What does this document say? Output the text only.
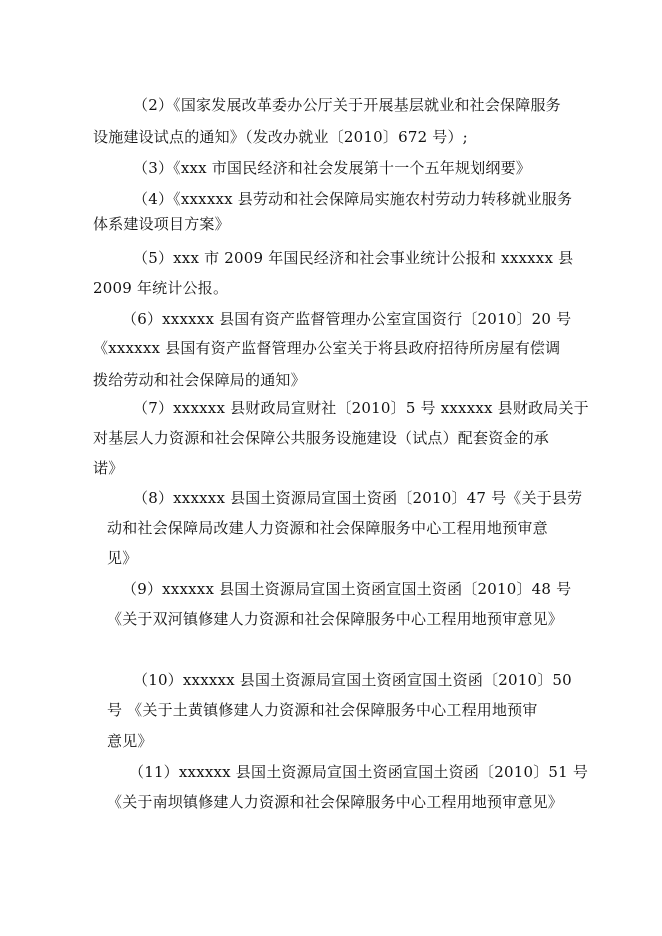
（2）《国家发展改革委办公厅关于开展基层就业和社会保障服务
设施建设试点的通知》（发改办就业〔2010〕672 号）;
（3）《xxx 市国民经济和社会发展第十一个五年规划纲要》
（4）《xxxxxx 县劳动和社会保障局实施农村劳动力转移就业服务
体系建设项目方案》
（5）xxx 市 2009 年国民经济和社会事业统计公报和 xxxxxx 县
2009 年统计公报。
（6）xxxxxx 县国有资产监督管理办公室宣国资行〔2010〕20 号
《xxxxxx 县国有资产监督管理办公室关于将县政府招待所房屋有偿调
拨给劳动和社会保障局的通知》
（7）xxxxxx 县财政局宣财社〔2010〕5 号 xxxxxx 县财政局关于
对基层人力资源和社会保障公共服务设施建设（试点）配套资金的承
诺》
（8）xxxxxx 县国土资源局宣国土资函〔2010〕47 号《关于县劳
动和社会保障局改建人力资源和社会保障服务中心工程用地预审意
见》
（9）xxxxxx 县国土资源局宣国土资函宣国土资函〔2010〕48 号
《关于双河镇修建人力资源和社会保障服务中心工程用地预审意见》
（10）xxxxxx 县国土资源局宣国土资函宣国土资函〔2010〕50
号 《关于土黄镇修建人力资源和社会保障服务中心工程用地预审
意见》
（11）xxxxxx 县国土资源局宣国土资函宣国土资函〔2010〕51 号
《关于南坝镇修建人力资源和社会保障服务中心工程用地预审意见》
